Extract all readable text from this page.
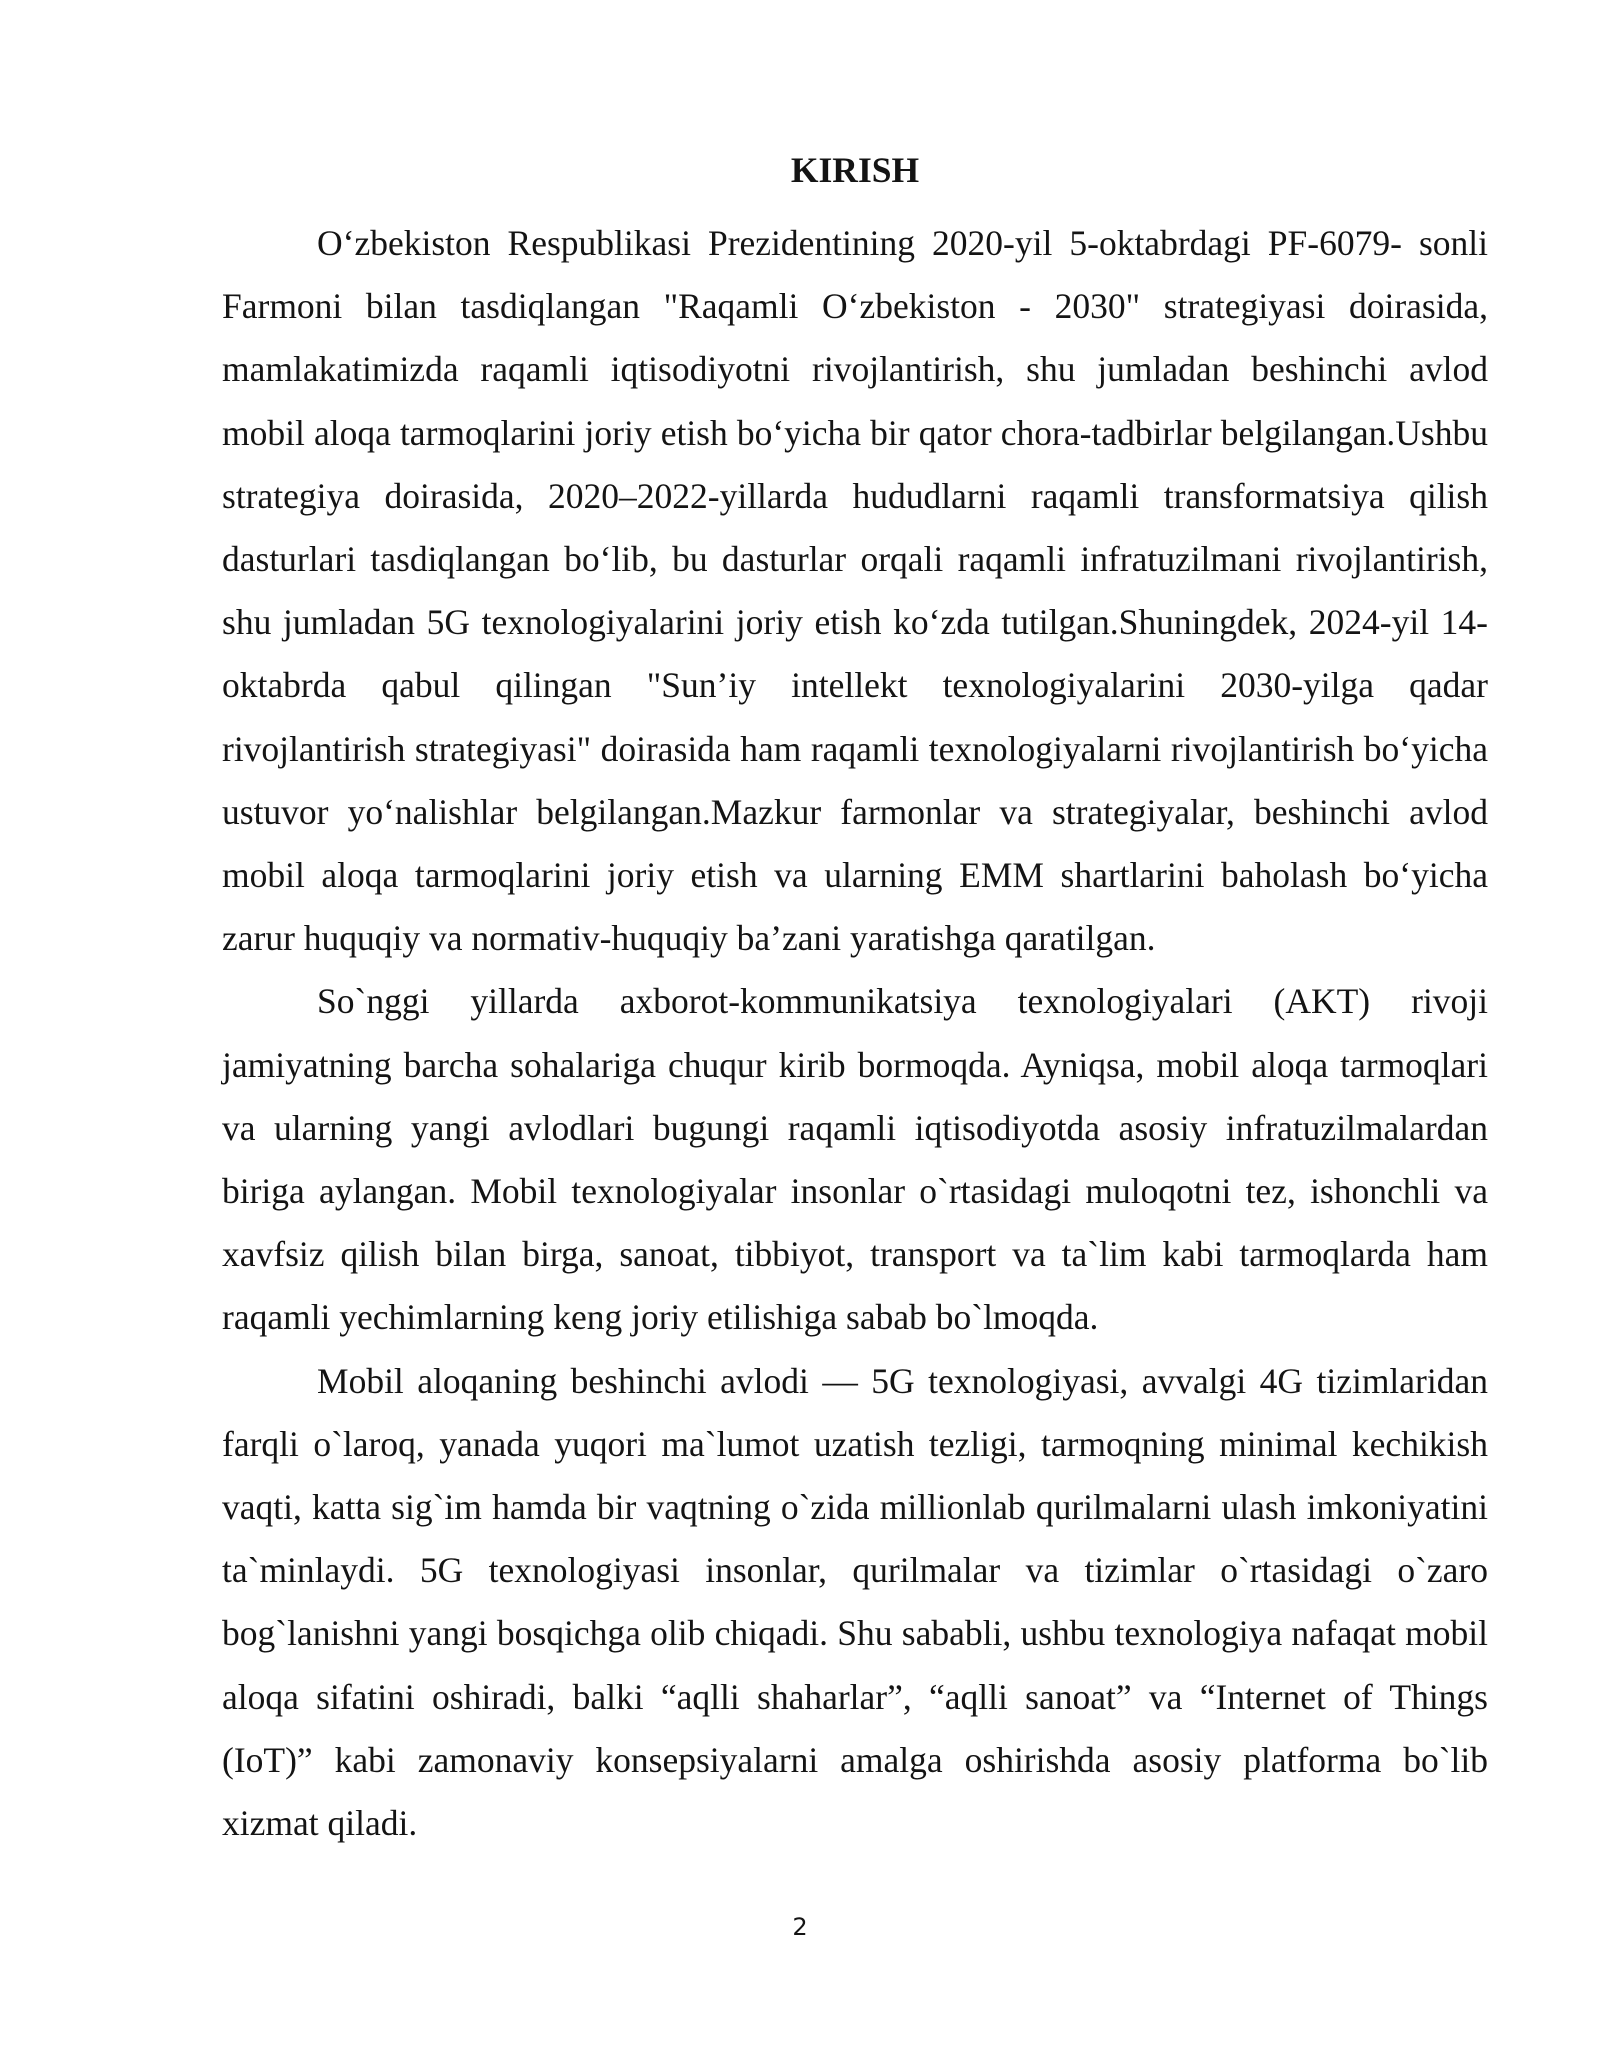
KIRISH

O‘zbekiston Respublikasi Prezidentining 2020-yil 5-oktabrdagi PF-6079- sonli Farmoni bilan tasdiqlangan "Raqamli O‘zbekiston - 2030" strategiyasi doirasida, mamlakatimizda raqamli iqtisodiyotni rivojlantirish, shu jumladan beshinchi avlod mobil aloqa tarmoqlarini joriy etish bo‘yicha bir qator chora-tadbirlar belgilangan.Ushbu strategiya doirasida, 2020–2022-yillarda hududlarni raqamli transformatsiya qilish dasturlari tasdiqlangan bo‘lib, bu dasturlar orqali raqamli infratuzilmani rivojlantirish, shu jumladan 5G texnologiyalarini joriy etish ko‘zda tutilgan.Shuningdek, 2024-yil 14-oktabrda qabul qilingan "Sun’iy intellekt texnologiyalarini 2030-yilga qadar rivojlantirish strategiyasi" doirasida ham raqamli texnologiyalarni rivojlantirish bo‘yicha ustuvor yo‘nalishlar belgilangan.Mazkur farmonlar va strategiyalar, beshinchi avlod mobil aloqa tarmoqlarini joriy etish va ularning EMM shartlarini baholash bo‘yicha zarur huquqiy va normativ-huquqiy ba’zani yaratishga qaratilgan.

So`nggi yillarda axborot-kommunikatsiya texnologiyalari (AKT) rivoji jamiyatning barcha sohalariga chuqur kirib bormoqda. Ayniqsa, mobil aloqa tarmoqlari va ularning yangi avlodlari bugungi raqamli iqtisodiyotda asosiy infratuzilmalardan biriga aylangan. Mobil texnologiyalar insonlar o`rtasidagi muloqotni tez, ishonchli va xavfsiz qilish bilan birga, sanoat, tibbiyot, transport va ta`lim kabi tarmoqlarda ham raqamli yechimlarning keng joriy etilishiga sabab bo`lmoqda.

Mobil aloqaning beshinchi avlodi — 5G texnologiyasi, avvalgi 4G tizimlaridan farqli o`laroq, yanada yuqori ma`lumot uzatish tezligi, tarmoqning minimal kechikish vaqti, katta sig`im hamda bir vaqtning o`zida millionlab qurilmalarni ulash imkoniyatini ta`minlaydi. 5G texnologiyasi insonlar, qurilmalar va tizimlar o`rtasidagi o`zaro bog`lanishni yangi bosqichga olib chiqadi. Shu sababli, ushbu texnologiya nafaqat mobil aloqa sifatini oshiradi, balki “aqlli shaharlar”, “aqlli sanoat” va “Internet of Things (IoT)” kabi zamonaviy konsepsiyalarni amalga oshirishda asosiy platforma bo`lib xizmat qiladi.

2
